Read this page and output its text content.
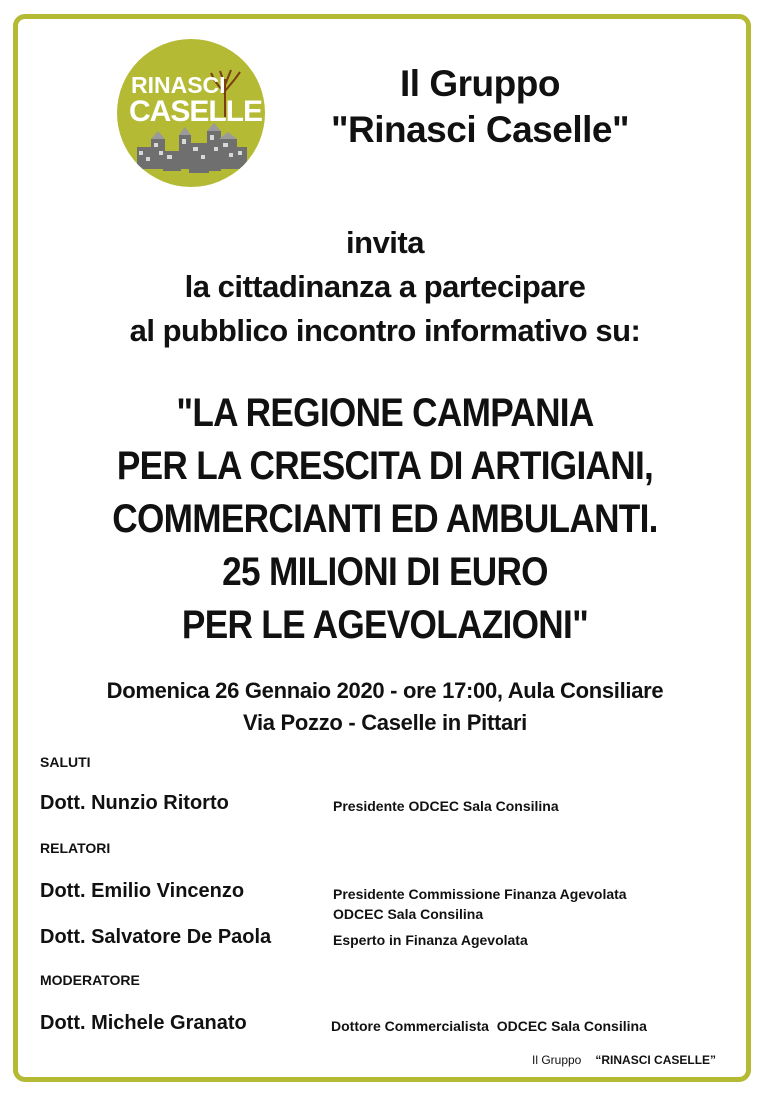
RINASCI
CASELLE
Il Gruppo
"Rinasci Caselle"
invita
la cittadinanza a partecipare
al pubblico incontro informativo su:
"LA REGIONE CAMPANIA
PER LA CRESCITA DI ARTIGIANI,
COMMERCIANTI ED AMBULANTI.
25 MILIONI DI EURO
PER LE AGEVOLAZIONI"
Domenica 26 Gennaio 2020 - ore 17:00, Aula Consiliare
Via Pozzo - Caselle in Pittari
SALUTI
Dott. Nunzio Ritorto	Presidente ODCEC Sala Consilina
RELATORI
Dott. Emilio Vincenzo	Presidente Commissione Finanza Agevolata
ODCEC Sala Consilina
Dott. Salvatore De Paola	Esperto in Finanza Agevolata
MODERATORE
Dott. Michele Granato	Dottore Commercialista  ODCEC Sala Consilina
Il Gruppo “RINASCI CASELLE”
